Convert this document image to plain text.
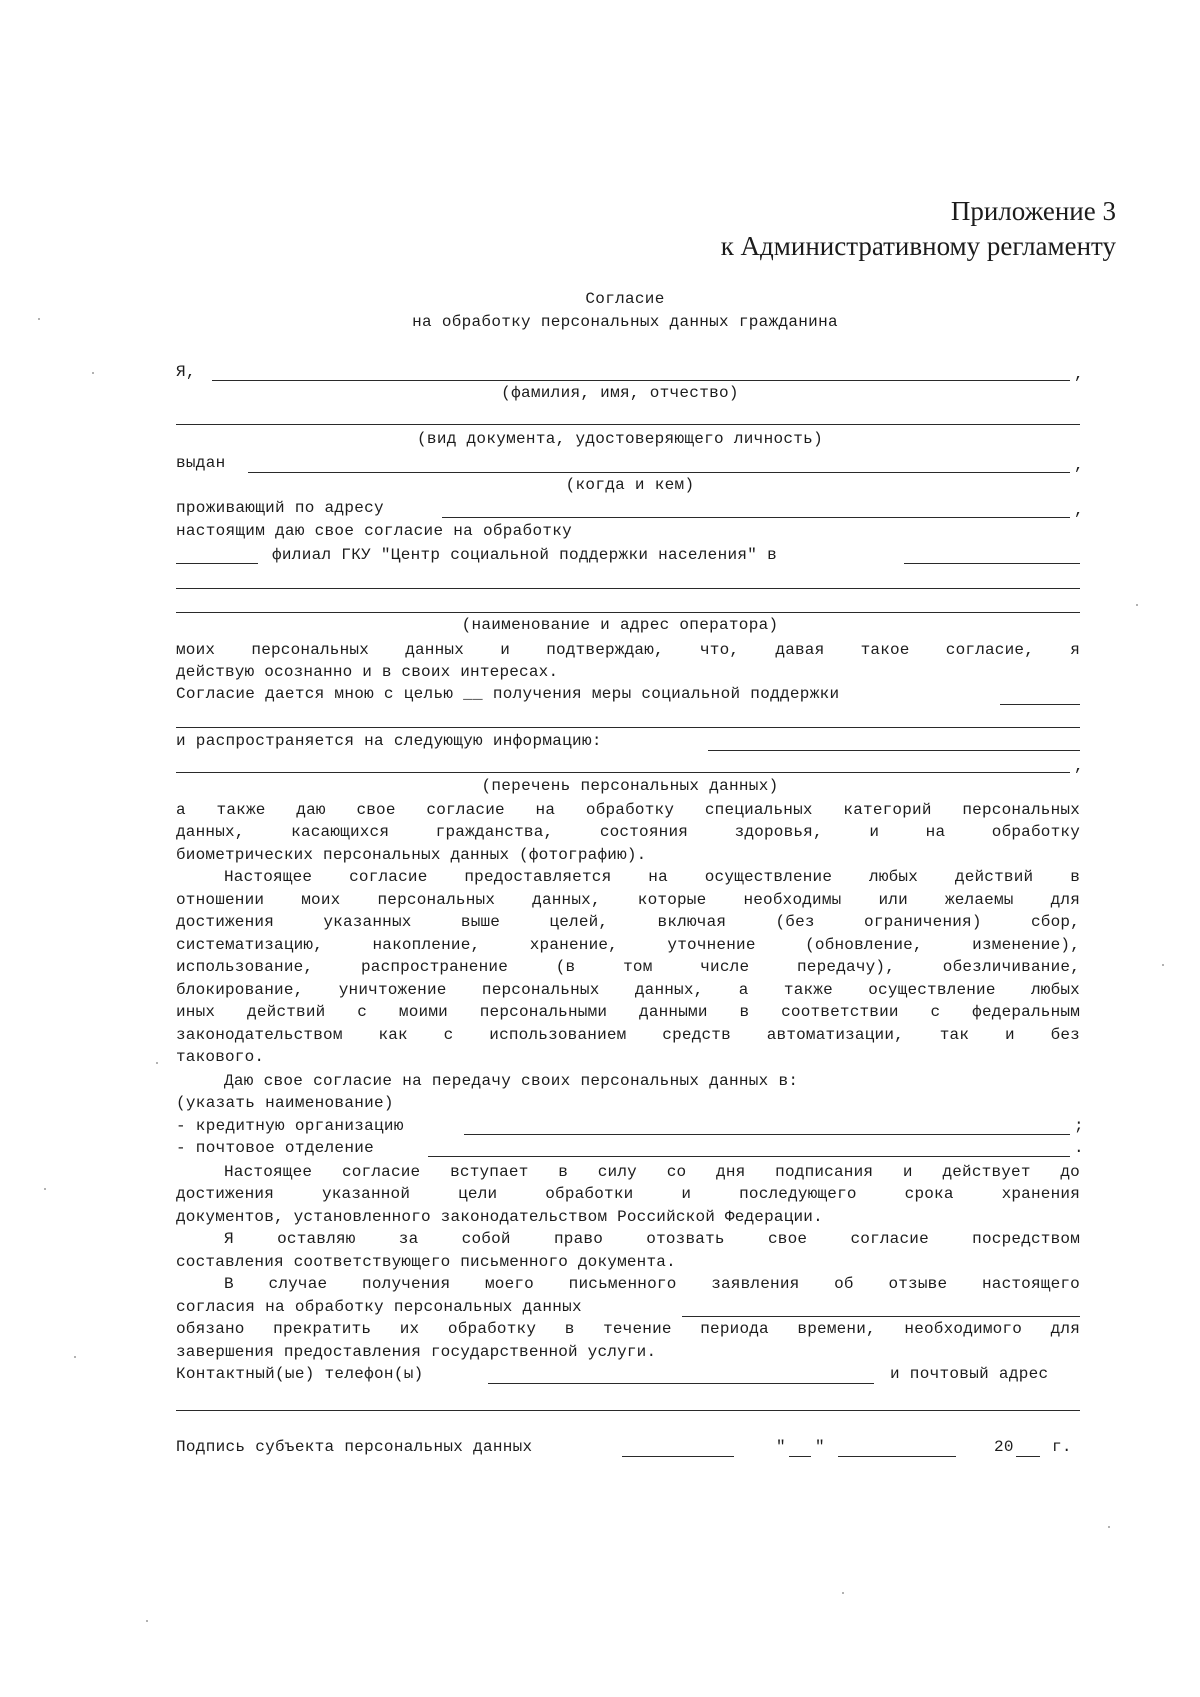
Приложение 3
к Административному регламенту
Согласие
на обработку персональных данных гражданина
Я,	,
(фамилия, имя, отчество)
(вид документа, удостоверяющего личность)
выдан	,
(когда и кем)
проживающий по адресу	,
настоящим даю свое согласие на обработку
филиал ГКУ "Центр социальной поддержки населения" в
(наименование и адрес оператора)
моих персональных данных и подтверждаю, что, давая такое согласие, я
действую осознанно и в своих интересах.
Согласие дается мною с целью __ получения меры социальной поддержки
и распространяется на следующую информацию:
,
(перечень персональных данных)
а также даю свое согласие на обработку специальных категорий персональных
данных, касающихся гражданства, состояния здоровья, и на обработку
биометрических персональных данных (фотографию).
Настоящее согласие предоставляется на осуществление любых действий в
отношении моих персональных данных, которые необходимы или желаемы для
достижения указанных выше целей, включая (без ограничения) сбор,
систематизацию, накопление, хранение, уточнение (обновление, изменение),
использование, распространение (в том числе передачу), обезличивание,
блокирование, уничтожение персональных данных, а также осуществление любых
иных действий с моими персональными данными в соответствии с федеральным
законодательством как с использованием средств автоматизации, так и без
такового.
Даю свое согласие на передачу своих персональных данных в:
(указать наименование)
- кредитную организацию	;
- почтовое отделение	.
Настоящее согласие вступает в силу со дня подписания и действует до
достижения указанной цели обработки и последующего срока хранения
документов, установленного законодательством Российской Федерации.
Я оставляю за собой право отозвать свое согласие посредством
составления соответствующего письменного документа.
В случае получения моего письменного заявления об отзыве настоящего
согласия на обработку персональных данных
обязано прекратить их обработку в течение периода времени, необходимого для
завершения предоставления государственной услуги.
Контактный(ые) телефон(ы)	и почтовый адрес
Подпись субъекта персональных данных	" "	20 г.
